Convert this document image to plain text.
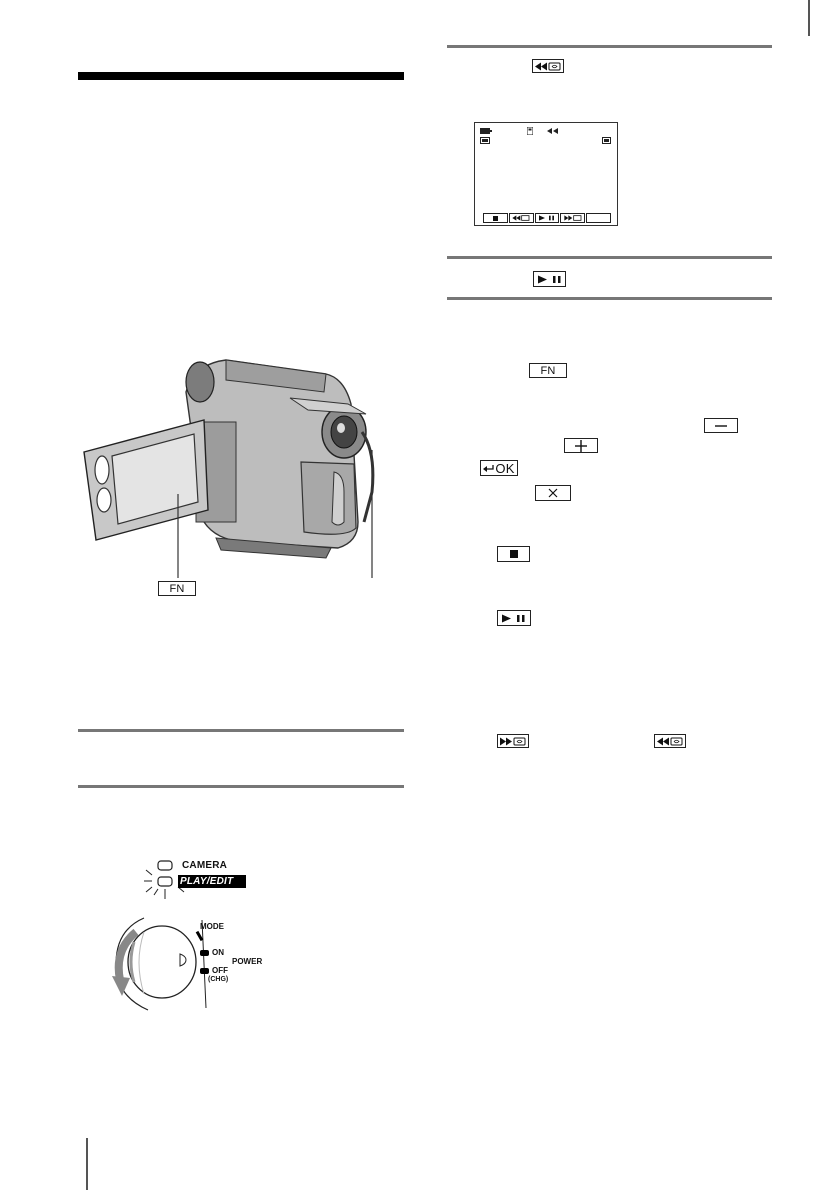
FN
CAMERA
PLAY/EDIT
MODE
ON
POWER
OFF
(CHG)
FN
OK
